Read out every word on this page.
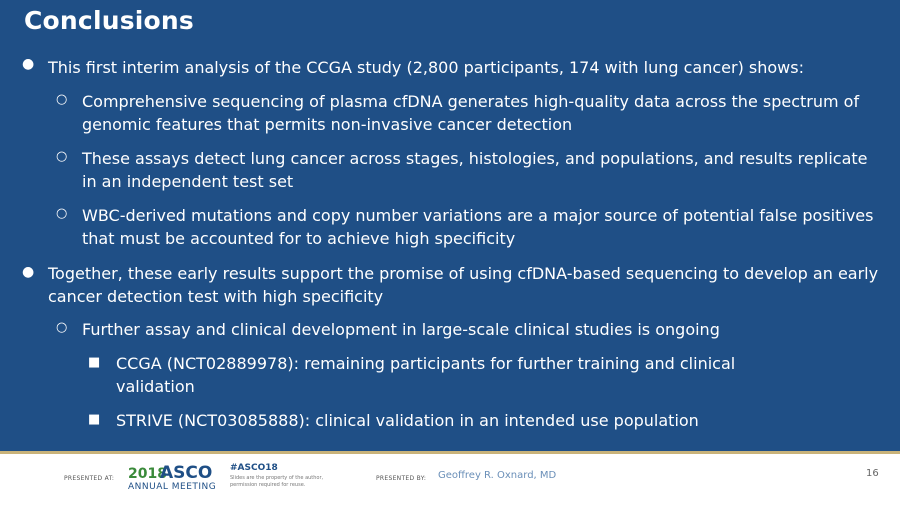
Conclusions
● This first interim analysis of the CCGA study (2,800 participants, 174 with lung cancer) shows:
○ Comprehensive sequencing of plasma cfDNA generates high-quality data across the spectrum of genomic features that permits non-invasive cancer detection
○ These assays detect lung cancer across stages, histologies, and populations, and results replicate in an independent test set
○ WBC-derived mutations and copy number variations are a major source of potential false positives that must be accounted for to achieve high specificity
● Together, these early results support the promise of using cfDNA-based sequencing to develop an early cancer detection test with high specificity
○ Further assay and clinical development in large-scale clinical studies is ongoing
■ CCGA (NCT02889978): remaining participants for further training and clinical validation
■ STRIVE (NCT03085888): clinical validation in an intended use population
PRESENTED AT: 2018
ASCO
ANNUAL MEETING
#ASCO18
Slides are the property of the author, permission required for reuse.
PRESENTED BY: Geoffrey R. Oxnard, MD	16
